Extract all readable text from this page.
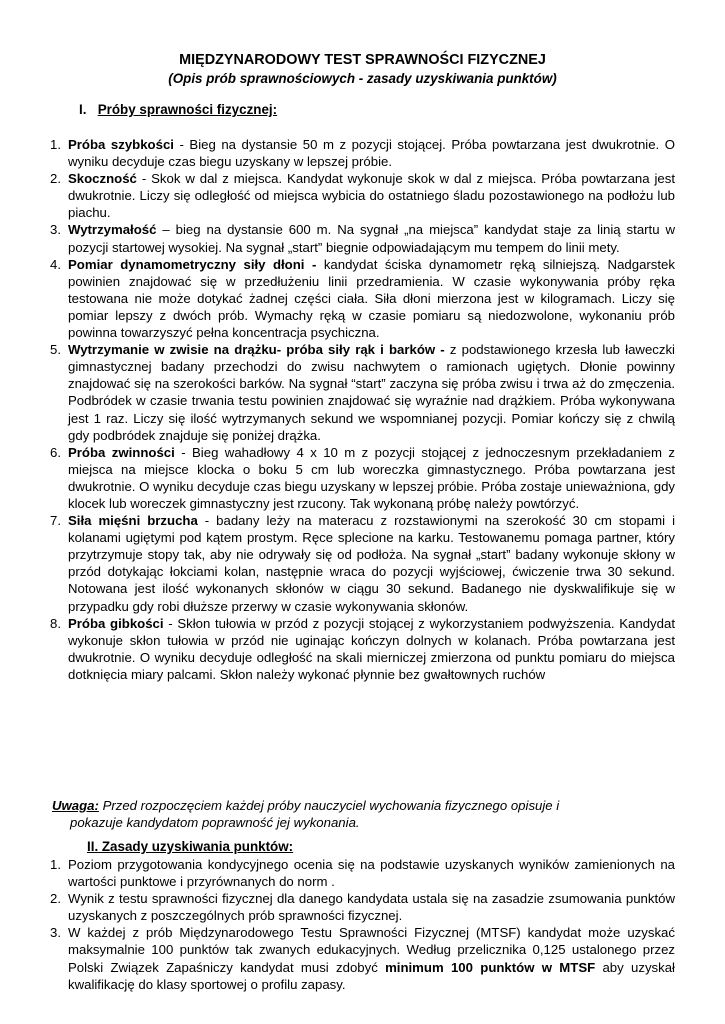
MIĘDZYNARODOWY TEST SPRAWNOŚCI FIZYCZNEJ
(Opis prób sprawnościowych - zasady uzyskiwania punktów)
I. Próby sprawności fizycznej:
1. Próba szybkości - Bieg na dystansie 50 m z pozycji stojącej. Próba powtarzana jest dwukrotnie. O wyniku decyduje czas biegu uzyskany w lepszej próbie.
2. Skoczność - Skok w dal z miejsca. Kandydat wykonuje skok w dal z miejsca. Próba powtarzana jest dwukrotnie. Liczy się odległość od miejsca wybicia do ostatniego śladu pozostawionego na podłożu lub piachu.
3. Wytrzymałość – bieg na dystansie 600 m. Na sygnał „na miejsca” kandydat staje za linią startu w pozycji startowej wysokiej. Na sygnał „start” biegnie odpowiadającym mu tempem do linii mety.
4. Pomiar dynamometryczny siły dłoni - kandydat ściska dynamometr ręką silniejszą. Nadgarstek powinien znajdować się w przedłużeniu linii przedramienia. W czasie wykonywania próby ręka testowana nie może dotykać żadnej części ciała. Siła dłoni mierzona jest w kilogramach. Liczy się pomiar lepszy z dwóch prób. Wymachy ręką w czasie pomiaru są niedozwolone, wykonaniu prób powinna towarzyszyć pełna koncentracja psychiczna.
5. Wytrzymanie w zwisie na drążku- próba siły rąk i barków - z podstawionego krzesła lub ławeczki gimnastycznej badany przechodzi do zwisu nachwytem o ramionach ugiętych. Dłonie powinny znajdować się na szerokości barków. Na sygnał “start” zaczyna się próba zwisu i trwa aż do zmęczenia. Podbródek w czasie trwania testu powinien znajdować się wyraźnie nad drążkiem. Próba wykonywana jest 1 raz. Liczy się ilość wytrzymanych sekund we wspomnianej pozycji. Pomiar kończy się z chwilą gdy podbródek znajduje się poniżej drążka.
6. Próba zwinności - Bieg wahadłowy 4 x 10 m z pozycji stojącej z jednoczesnym przekładaniem z miejsca na miejsce klocka o boku 5 cm lub woreczka gimnastycznego. Próba powtarzana jest dwukrotnie. O wyniku decyduje czas biegu uzyskany w lepszej próbie. Próba zostaje unieważniona, gdy klocek lub woreczek gimnastyczny jest rzucony. Tak wykonaną próbę należy powtórzyć.
7. Siła mięśni brzucha - badany leży na materacu z rozstawionymi na szerokość 30 cm stopami i kolanami ugiętymi pod kątem prostym. Ręce splecione na karku. Testowanemu pomaga partner, który przytrzymuje stopy tak, aby nie odrywały się od podłoża. Na sygnał „start” badany wykonuje skłony w przód dotykając łokciami kolan, następnie wraca do pozycji wyjściowej, ćwiczenie trwa 30 sekund. Notowana jest ilość wykonanych skłonów w ciągu 30 sekund. Badanego nie dyskwalifikuje się w przypadku gdy robi dłuższe przerwy w czasie wykonywania skłonów.
8. Próba gibkości - Skłon tułowia w przód z pozycji stojącej z wykorzystaniem podwyższenia. Kandydat wykonuje skłon tułowia w przód nie uginając kończyn dolnych w kolanach. Próba powtarzana jest dwukrotnie. O wyniku decyduje odległość na skali mierniczej zmierzona od punktu pomiaru do miejsca dotknięcia miary palcami. Skłon należy wykonać płynnie bez gwałtownych ruchów
Uwaga: Przed rozpoczęciem każdej próby nauczyciel wychowania fizycznego opisuje i
pokazuje kandydatom poprawność jej wykonania.
II. Zasady uzyskiwania punktów:
1. Poziom przygotowania kondycyjnego ocenia się na podstawie uzyskanych wyników zamienionych na wartości punktowe i przyrównanych do norm .
2. Wynik z testu sprawności fizycznej dla danego kandydata ustala się na zasadzie zsumowania punktów uzyskanych z poszczególnych prób sprawności fizycznej.
3. W każdej z prób Międzynarodowego Testu Sprawności Fizycznej (MTSF) kandydat może uzyskać maksymalnie 100 punktów tak zwanych edukacyjnych. Według przelicznika 0,125 ustalonego przez Polski Związek Zapaśniczy kandydat musi zdobyć minimum 100 punktów w MTSF aby uzyskał kwalifikację do klasy sportowej o profilu zapasy.
